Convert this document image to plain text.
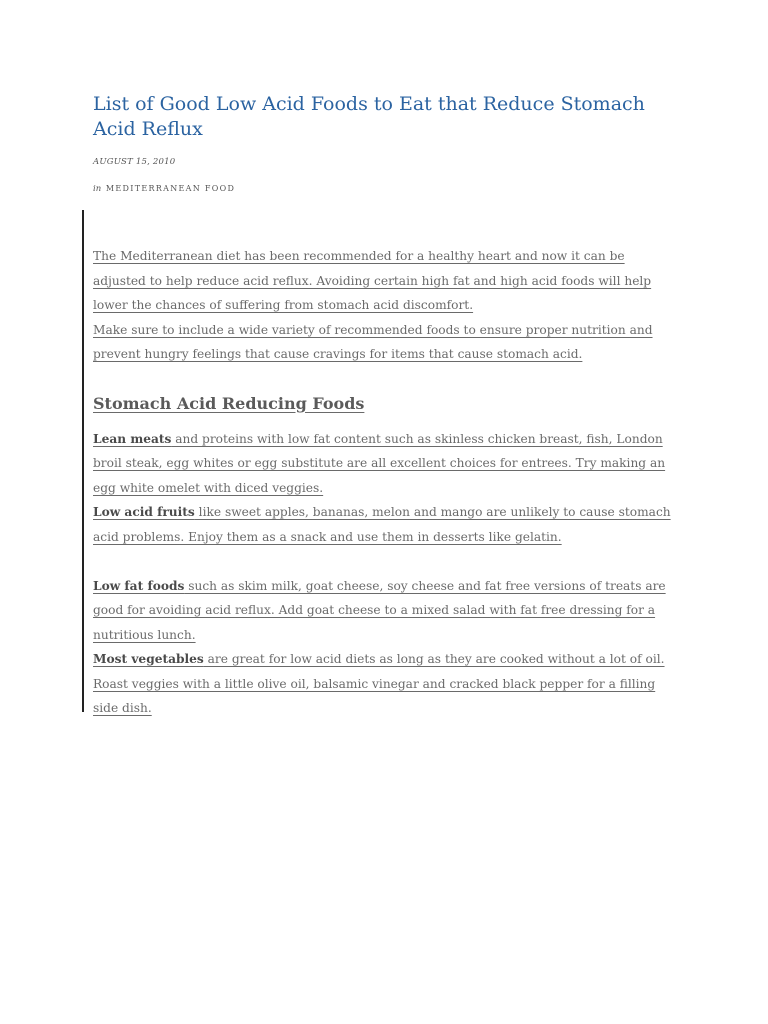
List of Good Low Acid Foods to Eat that Reduce Stomach Acid Reflux

AUGUST 15, 2010

in MEDITERRANEAN FOOD

The Mediterranean diet has been recommended for a healthy heart and now it can be adjusted to help reduce acid reflux. Avoiding certain high fat and high acid foods will help lower the chances of suffering from stomach acid discomfort.

Make sure to include a wide variety of recommended foods to ensure proper nutrition and prevent hungry feelings that cause cravings for items that cause stomach acid.

Stomach Acid Reducing Foods

Lean meats and proteins with low fat content such as skinless chicken breast, fish, London broil steak, egg whites or egg substitute are all excellent choices for entrees. Try making an egg white omelet with diced veggies.

Low acid fruits like sweet apples, bananas, melon and mango are unlikely to cause stomach acid problems. Enjoy them as a snack and use them in desserts like gelatin.

Low fat foods such as skim milk, goat cheese, soy cheese and fat free versions of treats are good for avoiding acid reflux. Add goat cheese to a mixed salad with fat free dressing for a nutritious lunch.

Most vegetables are great for low acid diets as long as they are cooked without a lot of oil. Roast veggies with a little olive oil, balsamic vinegar and cracked black pepper for a filling side dish.
